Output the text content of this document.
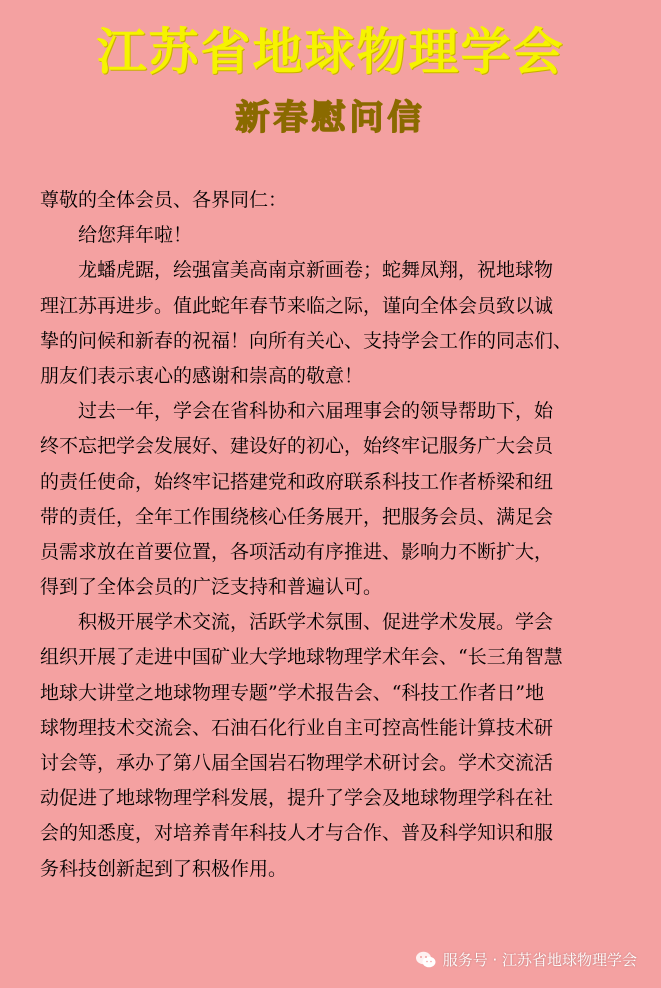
江苏省地球物理学会
新春慰问信
尊敬的全体会员、各界同仁：
给您拜年啦！
龙蟠虎踞，绘强富美高南京新画卷；蛇舞凤翔，祝地球物
理江苏再进步。值此蛇年春节来临之际，谨向全体会员致以诚
挚的问候和新春的祝福！向所有关心、支持学会工作的同志们、
朋友们表示衷心的感谢和崇高的敬意！
过去一年，学会在省科协和六届理事会的领导帮助下，始
终不忘把学会发展好、建设好的初心，始终牢记服务广大会员
的责任使命，始终牢记搭建党和政府联系科技工作者桥梁和纽
带的责任，全年工作围绕核心任务展开，把服务会员、满足会
员需求放在首要位置，各项活动有序推进、影响力不断扩大，
得到了全体会员的广泛支持和普遍认可。
积极开展学术交流，活跃学术氛围、促进学术发展。学会
组织开展了走进中国矿业大学地球物理学术年会、“长三角智慧
地球大讲堂之地球物理专题”学术报告会、“科技工作者日”地
球物理技术交流会、石油石化行业自主可控高性能计算技术研
讨会等，承办了第八届全国岩石物理学术研讨会。学术交流活
动促进了地球物理学科发展，提升了学会及地球物理学科在社
会的知悉度，对培养青年科技人才与合作、普及科学知识和服
务科技创新起到了积极作用。
服务号 · 江苏省地球物理学会
